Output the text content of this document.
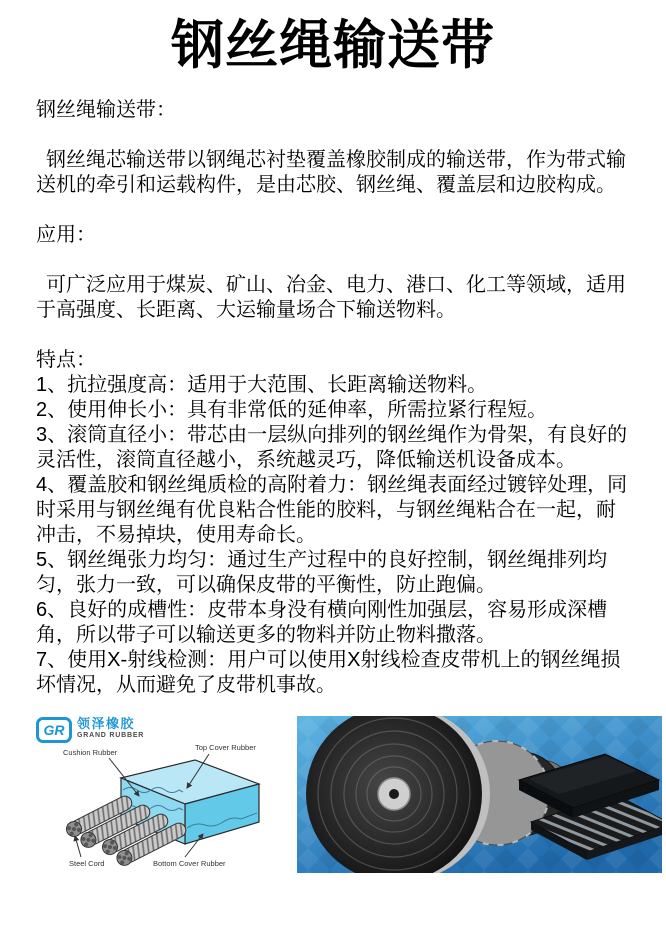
钢丝绳输送带

钢丝绳输送带：

钢丝绳芯输送带以钢绳芯衬垫覆盖橡胶制成的输送带，作为带式输送机的牵引和运载构件，是由芯胶、钢丝绳、覆盖层和边胶构成。

应用：

可广泛应用于煤炭、矿山、冶金、电力、港口、化工等领域，适用于高强度、长距离、大运输量场合下输送物料。

特点：

1、抗拉强度高：适用于大范围、长距离输送物料。

2、使用伸长小：具有非常低的延伸率，所需拉紧行程短。

3、滚筒直径小：带芯由一层纵向排列的钢丝绳作为骨架，有良好的灵活性，滚筒直径越小，系统越灵巧，降低输送机设备成本。

4、覆盖胶和钢丝绳质检的高附着力：钢丝绳表面经过镀锌处理，同时采用与钢丝绳有优良粘合性能的胶料，与钢丝绳粘合在一起，耐冲击，不易掉块，使用寿命长。

5、钢丝绳张力均匀：通过生产过程中的良好控制，钢丝绳排列均匀，张力一致，可以确保皮带的平衡性，防止跑偏。

6、良好的成槽性：皮带本身没有横向刚性加强层，容易形成深槽角，所以带子可以输送更多的物料并防止物料撒落。

7、使用X-射线检测：用户可以使用X射线检查皮带机上的钢丝绳损坏情况，从而避免了皮带机事故。

GR 领泽橡胶
GRAND RUBBER
Cushion Rubber
Top Cover Rubber
Steel Cord	Bottom Cover Rubber
